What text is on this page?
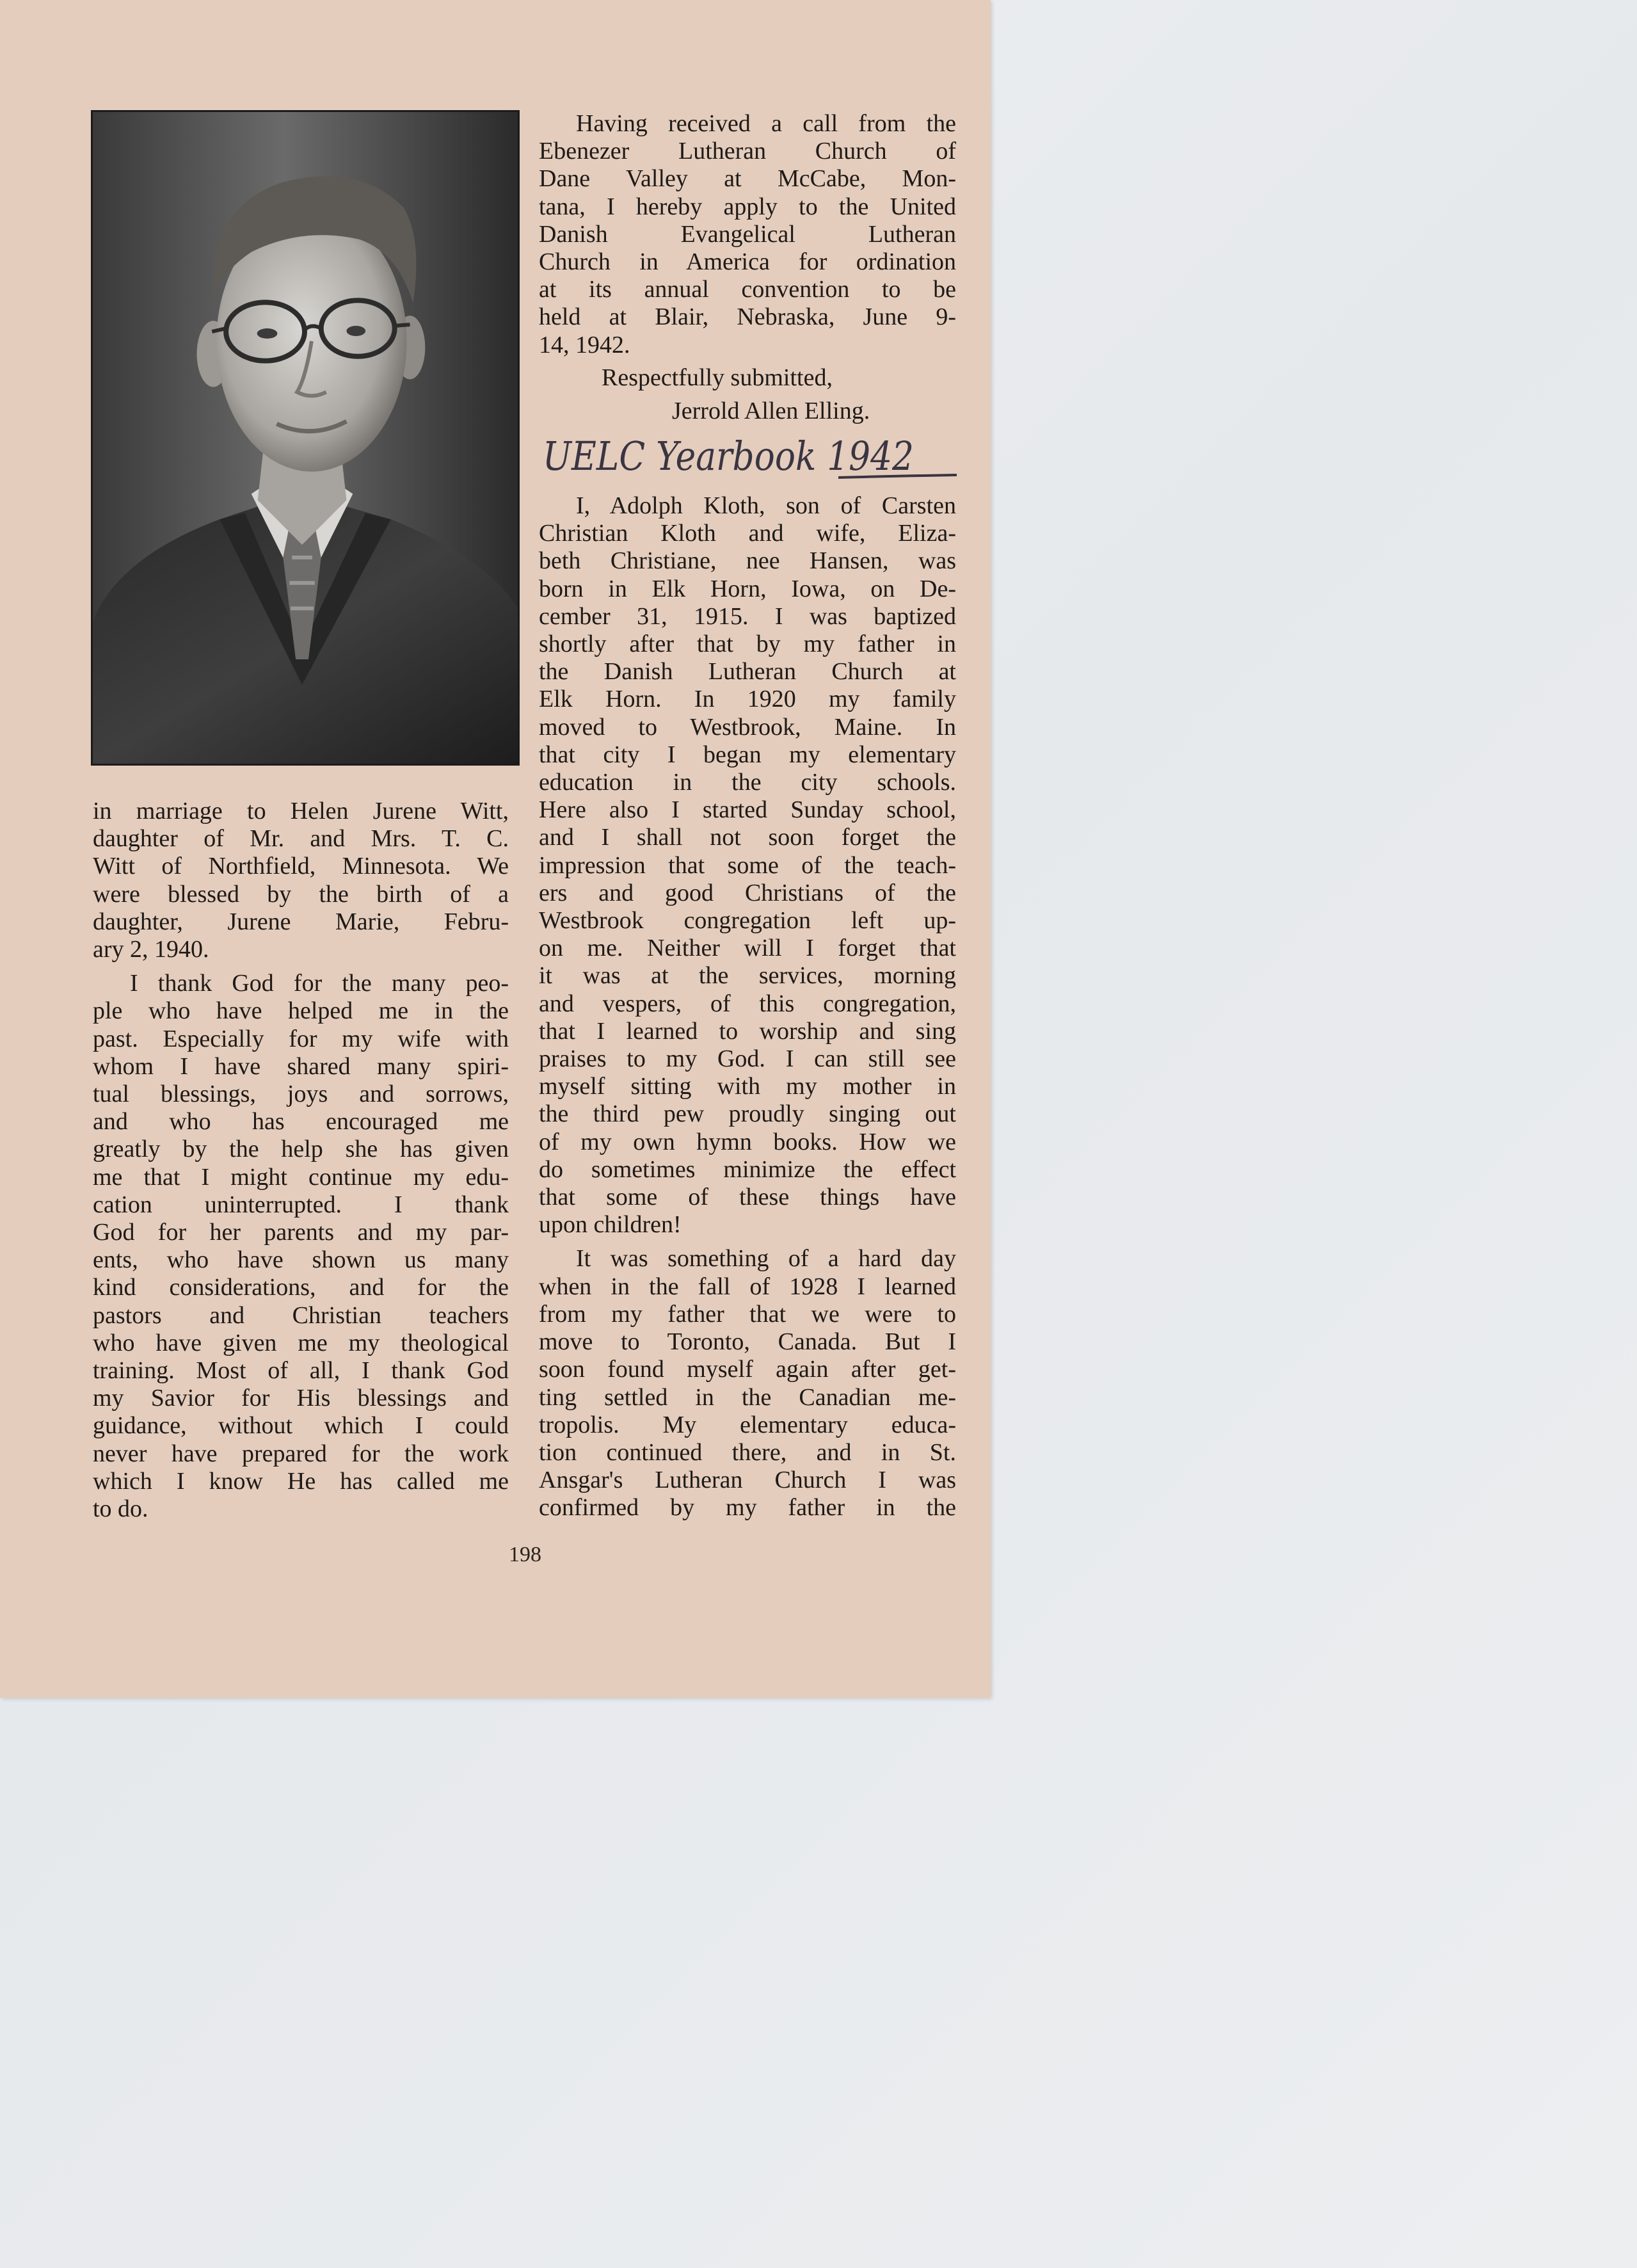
Having received a call from the
Ebenezer Lutheran Church of
Dane Valley at McCabe, Mon-
tana, I hereby apply to the United
Danish Evangelical Lutheran
Church in America for ordination
at its annual convention to be
held at Blair, Nebraska, June 9-
14, 1942.
Respectfully submitted,
Jerrold Allen Elling.
UELC Yearbook 1942
I, Adolph Kloth, son of Carsten
Christian Kloth and wife, Eliza-
beth Christiane, nee Hansen, was
born in Elk Horn, Iowa, on De-
cember 31, 1915. I was baptized
shortly after that by my father in
the Danish Lutheran Church at
Elk Horn. In 1920 my family
moved to Westbrook, Maine. In
that city I began my elementary
education in the city schools.
Here also I started Sunday school,
and I shall not soon forget the
impression that some of the teach-
ers and good Christians of the
Westbrook congregation left up-
on me. Neither will I forget that
it was at the services, morning
and vespers, of this congregation,
that I learned to worship and sing
praises to my God. I can still see
myself sitting with my mother in
the third pew proudly singing out
of my own hymn books. How we
do sometimes minimize the effect
that some of these things have
upon children!
It was something of a hard day
when in the fall of 1928 I learned
from my father that we were to
move to Toronto, Canada. But I
soon found myself again after get-
ting settled in the Canadian me-
tropolis. My elementary educa-
tion continued there, and in St.
Ansgar's Lutheran Church I was
confirmed by my father in the
in marriage to Helen Jurene Witt,
daughter of Mr. and Mrs. T. C.
Witt of Northfield, Minnesota. We
were blessed by the birth of a
daughter, Jurene Marie, Febru-
ary 2, 1940.
I thank God for the many peo-
ple who have helped me in the
past. Especially for my wife with
whom I have shared many spiri-
tual blessings, joys and sorrows,
and who has encouraged me
greatly by the help she has given
me that I might continue my edu-
cation uninterrupted. I thank
God for her parents and my par-
ents, who have shown us many
kind considerations, and for the
pastors and Christian teachers
who have given me my theological
training. Most of all, I thank God
my Savior for His blessings and
guidance, without which I could
never have prepared for the work
which I know He has called me
to do.
198
